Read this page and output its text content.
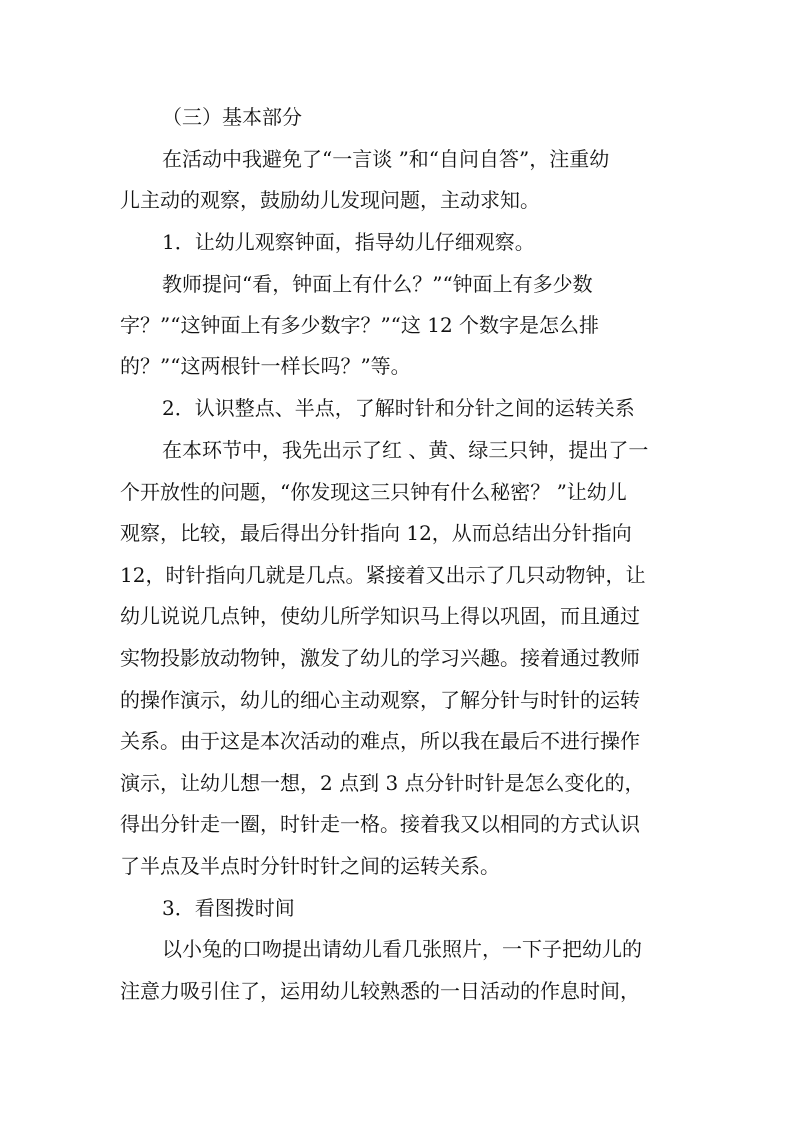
（三）基本部分
在活动中我避免了“一言谈 ”和“自问自答”，注重幼
儿主动的观察，鼓励幼儿发现问题，主动求知。
1．让幼儿观察钟面，指导幼儿仔细观察。
教师提问“看，钟面上有什么？”“钟面上有多少数
字？”“这钟面上有多少数字？”“这 12 个数字是怎么排
的？”“这两根针一样长吗？”等。
2．认识整点、半点，了解时针和分针之间的运转关系
在本环节中，我先出示了红 、黄、绿三只钟，提出了一
个开放性的问题，“你发现这三只钟有什么秘密？ ”让幼儿
观察，比较，最后得出分针指向 12，从而总结出分针指向
12，时针指向几就是几点。紧接着又出示了几只动物钟，让
幼儿说说几点钟，使幼儿所学知识马上得以巩固，而且通过
实物投影放动物钟，激发了幼儿的学习兴趣。接着通过教师
的操作演示，幼儿的细心主动观察，了解分针与时针的运转
关系。由于这是本次活动的难点，所以我在最后不进行操作
演示，让幼儿想一想，2 点到 3 点分针时针是怎么变化的，
得出分针走一圈，时针走一格。接着我又以相同的方式认识
了半点及半点时分针时针之间的运转关系。
3．看图拨时间
以小兔的口吻提出请幼儿看几张照片，一下子把幼儿的
注意力吸引住了，运用幼儿较熟悉的一日活动的作息时间，
